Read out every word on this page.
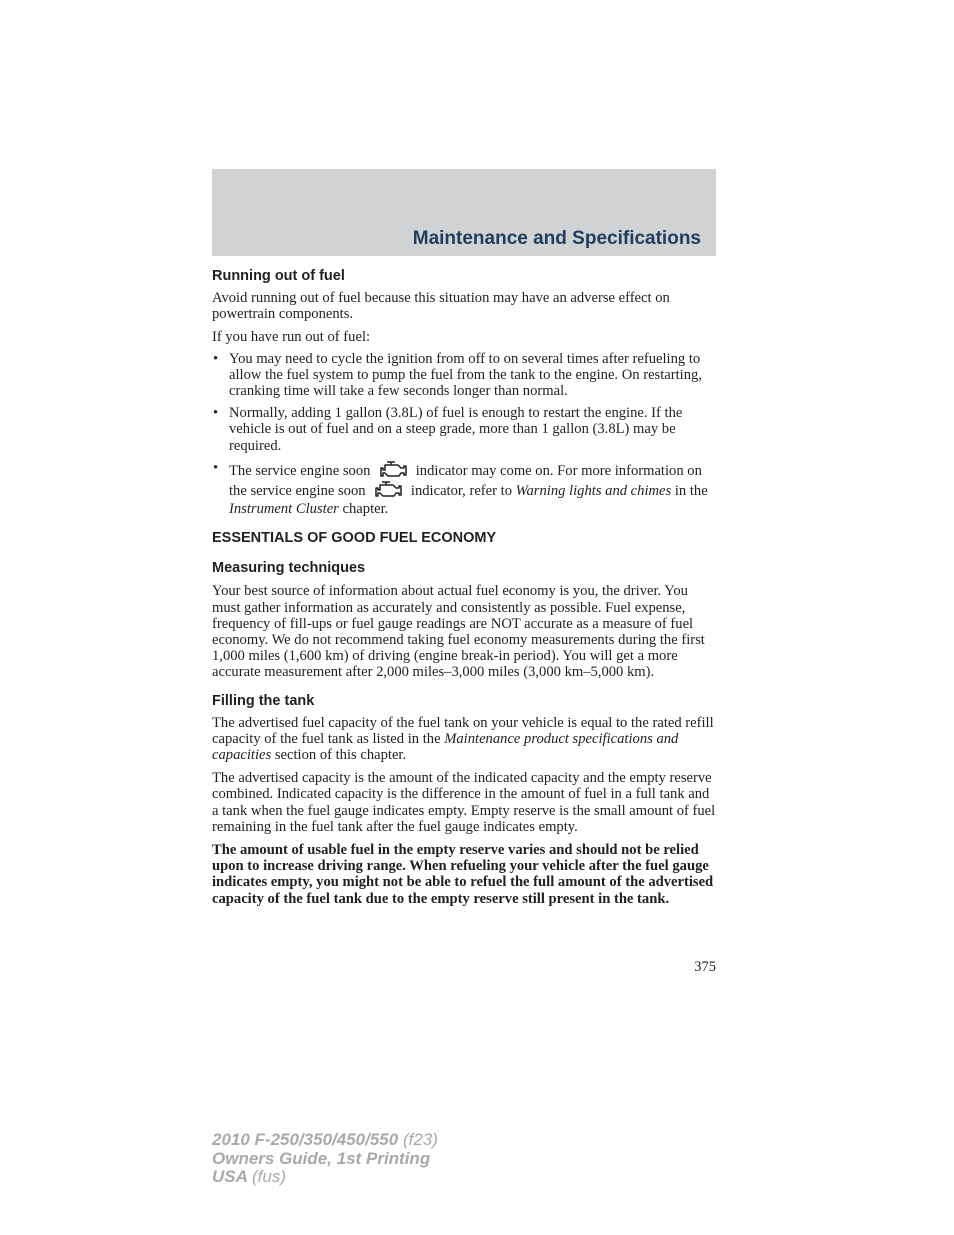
Maintenance and Specifications
Running out of fuel

Avoid running out of fuel because this situation may have an adverse effect on powertrain components.

If you have run out of fuel:

• You may need to cycle the ignition from off to on several times after refueling to allow the fuel system to pump the fuel from the tank to the engine. On restarting, cranking time will take a few seconds longer than normal.
• Normally, adding 1 gallon (3.8L) of fuel is enough to restart the engine. If the vehicle is out of fuel and on a steep grade, more than 1 gallon (3.8L) may be required.
• The service engine soon	indicator may come on. For more information on the service engine soon	indicator, refer to Warning lights and chimes in the Instrument Cluster chapter.
ESSENTIALS OF GOOD FUEL ECONOMY
Measuring techniques

Your best source of information about actual fuel economy is you, the driver. You must gather information as accurately and consistently as possible. Fuel expense, frequency of fill-ups or fuel gauge readings are NOT accurate as a measure of fuel economy. We do not recommend taking fuel economy measurements during the first 1,000 miles (1,600 km) of driving (engine break-in period). You will get a more accurate measurement after 2,000 miles–3,000 miles (3,000 km–5,000 km).

Filling the tank

The advertised fuel capacity of the fuel tank on your vehicle is equal to the rated refill capacity of the fuel tank as listed in the Maintenance product specifications and capacities section of this chapter.

The advertised capacity is the amount of the indicated capacity and the empty reserve combined. Indicated capacity is the difference in the amount of fuel in a full tank and a tank when the fuel gauge indicates empty. Empty reserve is the small amount of fuel remaining in the fuel tank after the fuel gauge indicates empty.

The amount of usable fuel in the empty reserve varies and should not be relied upon to increase driving range. When refueling your vehicle after the fuel gauge indicates empty, you might not be able to refuel the full amount of the advertised capacity of the fuel tank due to the empty reserve still present in the tank.

375
2010 F-250/350/450/550 (f23)
Owners Guide, 1st Printing
USA (fus)
